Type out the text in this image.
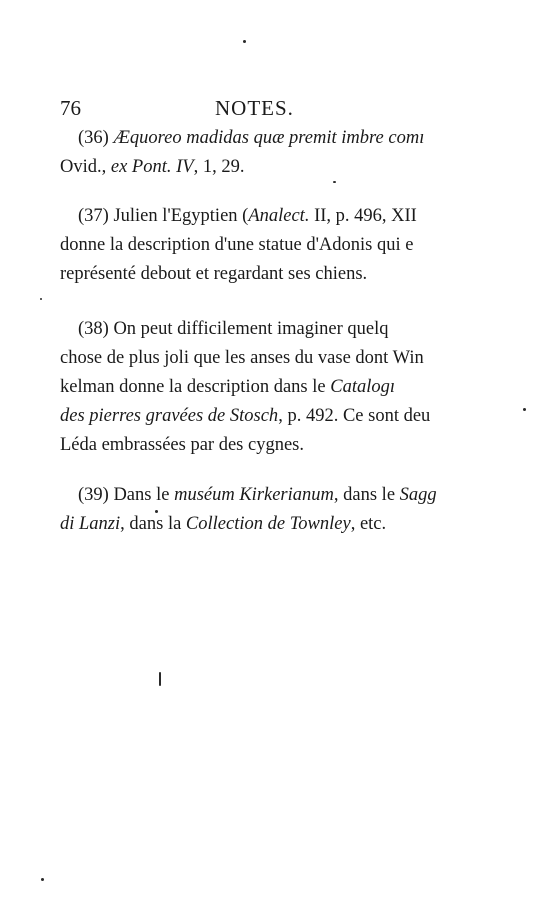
76	NOTES.
(36) Æquoreo madidas quæ premit imbre comı
Ovid., ex Pont. IV, 1, 29.
(37) Julien l'Egyptien (Analect. II, p. 496, XII
donne la description d'une statue d'Adonis qui e
représenté debout et regardant ses chiens.
(38) On peut difficilement imaginer quelq
chose de plus joli que les anses du vase dont Win
kelman donne la description dans le Catalogı
des pierres gravées de Stosch, p. 492. Ce sont deu
Léda embrassées par des cygnes.
(39) Dans le muséum Kirkerianum, dans le Sagg
di Lanzi, dans la Collection de Townley, etc.
